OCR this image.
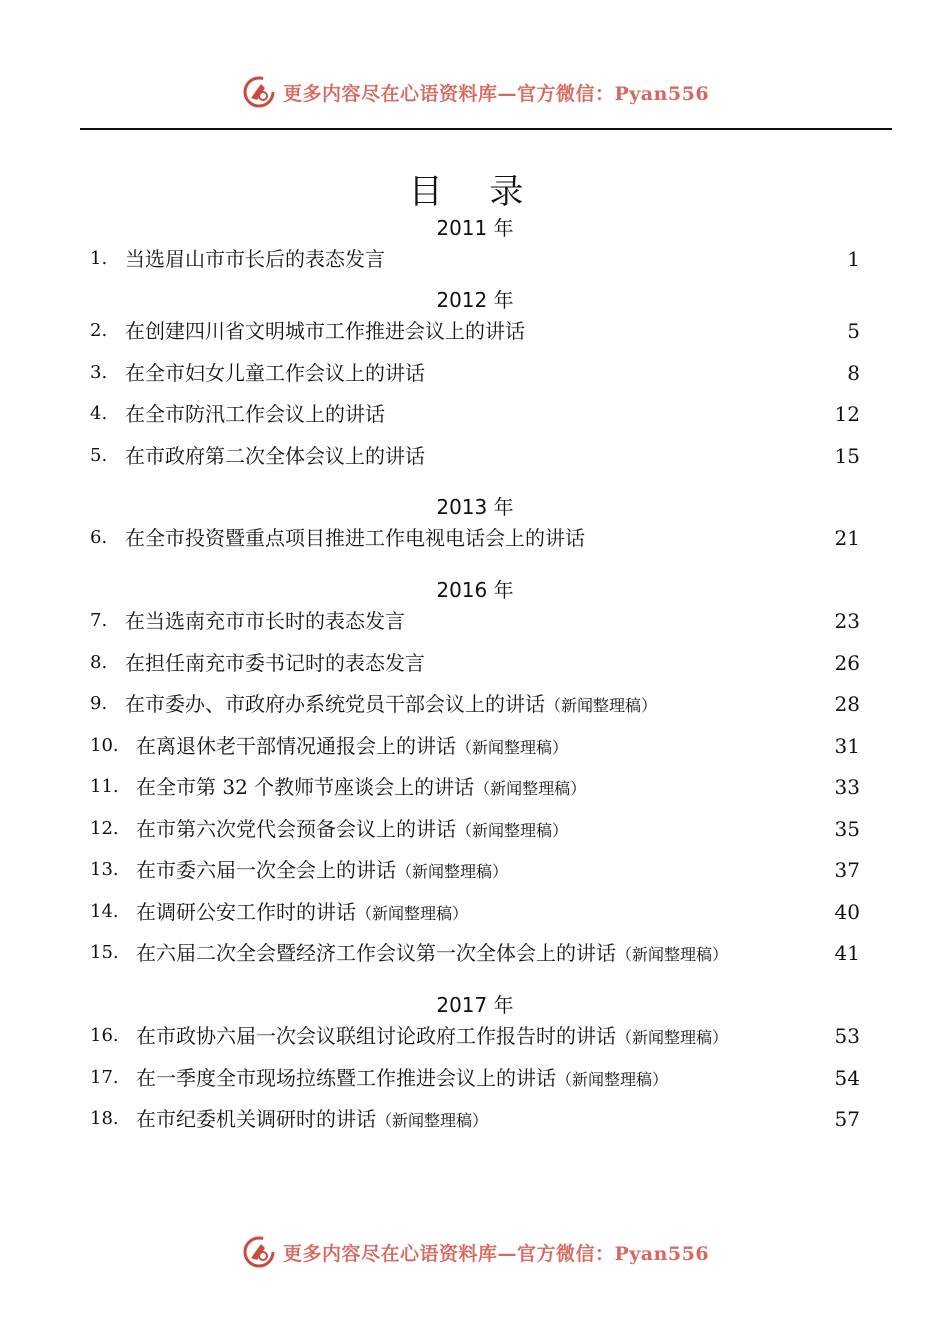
更多内容尽在心语资料库—官方微信：Pyan556
目 录
2011 年
1. 当选眉山市市长后的表态发言	1
2012 年
2. 在创建四川省文明城市工作推进会议上的讲话	5
3. 在全市妇女儿童工作会议上的讲话	8
4. 在全市防汛工作会议上的讲话	12
5. 在市政府第二次全体会议上的讲话	15
2013 年
6. 在全市投资暨重点项目推进工作电视电话会上的讲话	21
2016 年
7. 在当选南充市市长时的表态发言	23
8. 在担任南充市委书记时的表态发言	26
9. 在市委办、市政府办系统党员干部会议上的讲话（新闻整理稿）	28
10. 在离退休老干部情况通报会上的讲话（新闻整理稿）	31
11. 在全市第 32 个教师节座谈会上的讲话（新闻整理稿）	33
12. 在市第六次党代会预备会议上的讲话（新闻整理稿）	35
13. 在市委六届一次全会上的讲话（新闻整理稿）	37
14. 在调研公安工作时的讲话（新闻整理稿）	40
15. 在六届二次全会暨经济工作会议第一次全体会上的讲话（新闻整理稿）	41
2017 年
16. 在市政协六届一次会议联组讨论政府工作报告时的讲话（新闻整理稿）	53
17. 在一季度全市现场拉练暨工作推进会议上的讲话（新闻整理稿）	54
18. 在市纪委机关调研时的讲话（新闻整理稿）	57
更多内容尽在心语资料库—官方微信：Pyan556
